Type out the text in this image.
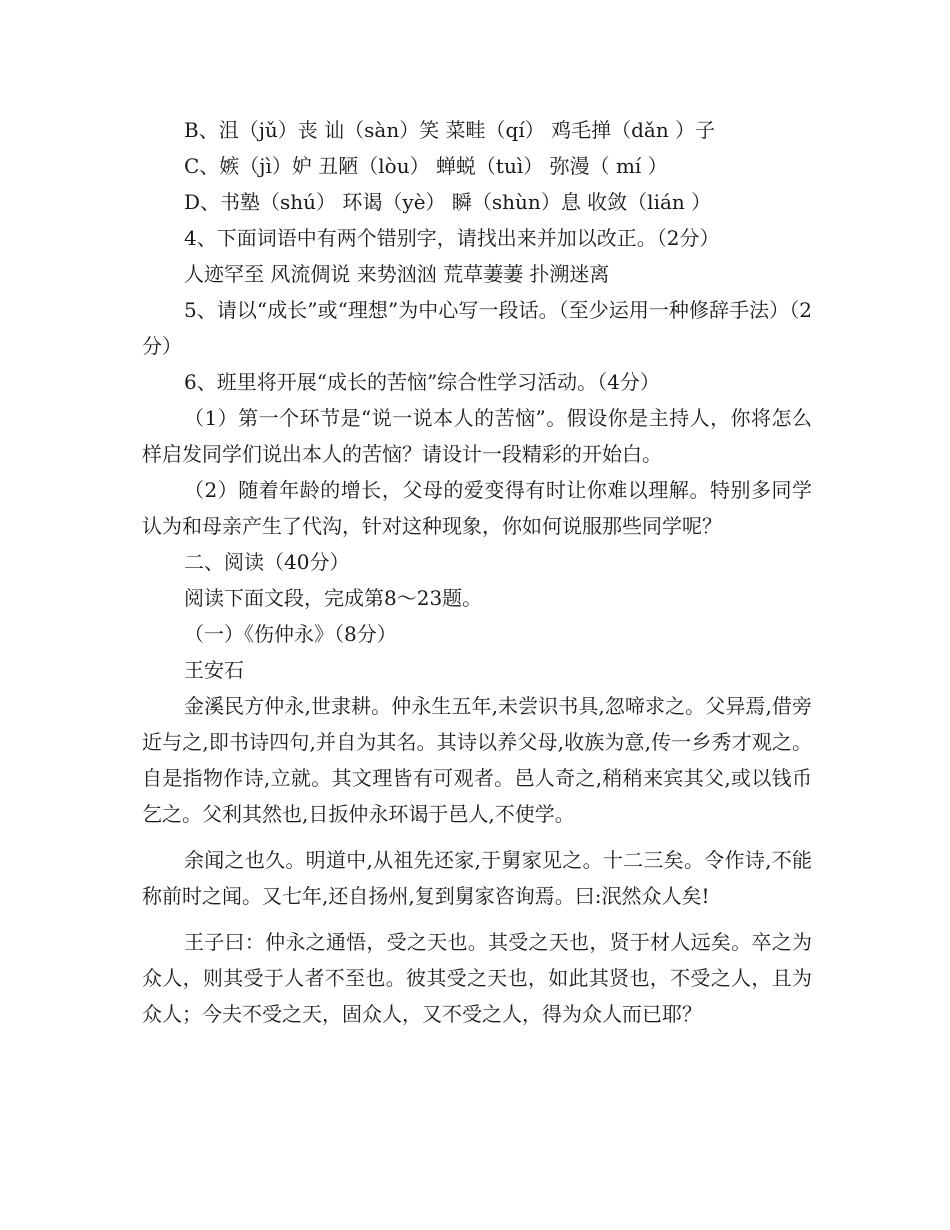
B、沮（jǔ）丧 讪（sàn）笑 菜畦（qí） 鸡毛掸（dǎn ）子

C、嫉（jì）妒 丑陋（lòu） 蝉蜕（tuì） 弥漫（ mí ）

D、书塾（shú） 环谒（yè） 瞬（shùn）息 收敛（lián ）

4、下面词语中有两个错别字，请找出来并加以改正。（2分）

人迹罕至 风流倜说 来势汹汹 荒草萋萋 扑溯迷离

5、请以“成长”或“理想”为中心写一段话。（至少运用一种修辞手法）（2分）

6、班里将开展“成长的苦恼”综合性学习活动。（4分）

（1）第一个环节是“说一说本人的苦恼”。假设你是主持人，你将怎么样启发同学们说出本人的苦恼？请设计一段精彩的开始白。

（2）随着年龄的增长，父母的爱变得有时让你难以理解。特别多同学认为和母亲产生了代沟，针对这种现象，你如何说服那些同学呢？

二、阅读（40分）

阅读下面文段，完成第8～23题。

（一）《伤仲永》（8分）

王安石

金溪民方仲永,世隶耕。仲永生五年,未尝识书具,忽啼求之。父异焉,借旁近与之,即书诗四句,并自为其名。其诗以养父母,收族为意,传一乡秀才观之。自是指物作诗,立就。其文理皆有可观者。邑人奇之,稍稍来宾其父,或以钱币乞之。父利其然也,日扳仲永环谒于邑人,不使学。

余闻之也久。明道中,从祖先还家,于舅家见之。十二三矣。令作诗,不能称前时之闻。又七年,还自扬州,复到舅家咨询焉。曰:泯然众人矣!

王子曰：仲永之通悟，受之天也。其受之天也，贤于材人远矣。卒之为众人，则其受于人者不至也。彼其受之天也，如此其贤也，不受之人，且为众人；今夫不受之天，固众人，又不受之人，得为众人而已耶？
